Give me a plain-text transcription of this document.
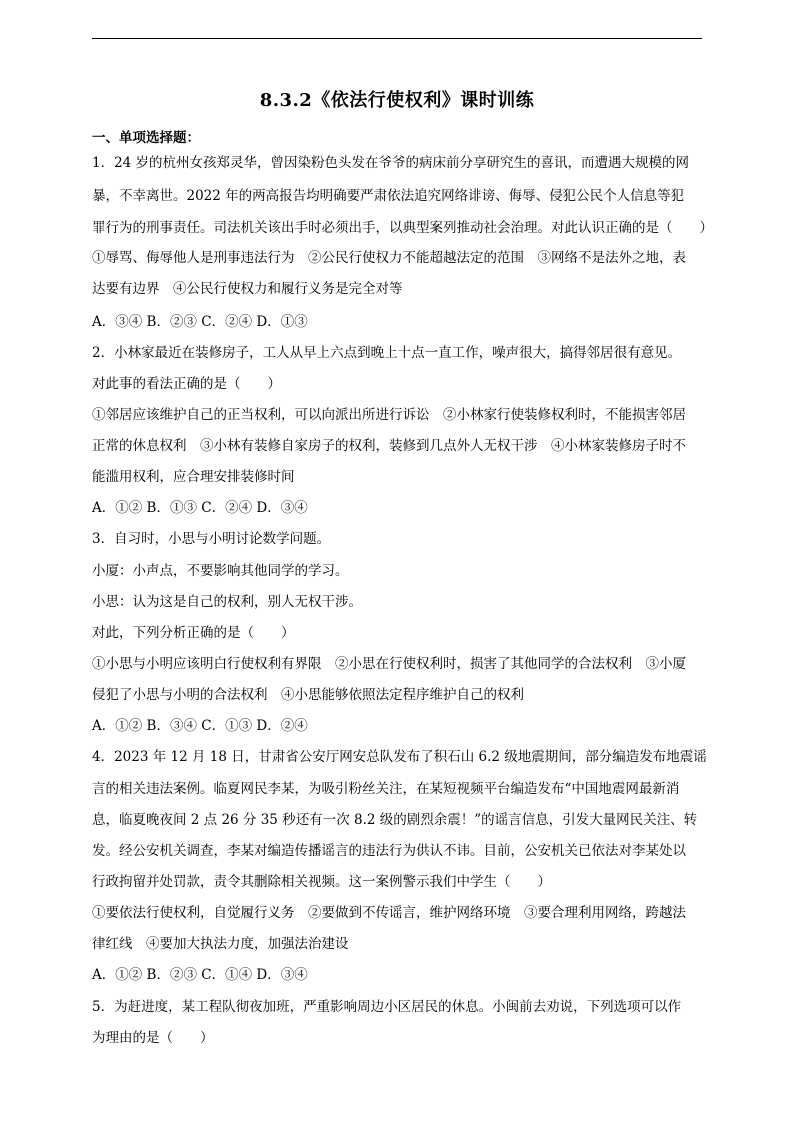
8.3.2《依法行使权利》课时训练
一、单项选择题：
1．24 岁的杭州女孩郑灵华，曾因染粉色头发在爷爷的病床前分享研究生的喜讯，而遭遇大规模的网
暴，不幸离世。2022 年的两高报告均明确要严肃依法追究网络诽谤、侮辱、侵犯公民个人信息等犯
罪行为的刑事责任。司法机关该出手时必须出手，以典型案列推动社会治理。对此认识正确的是（　　）
①辱骂、侮辱他人是刑事违法行为　②公民行使权力不能超越法定的范围　③网络不是法外之地，表
达要有边界　④公民行使权力和履行义务是完全对等
A．③④ B．②③ C．②④ D．①③
2．小林家最近在装修房子，工人从早上六点到晚上十点一直工作，噪声很大，搞得邻居很有意见。
对此事的看法正确的是（　　）
①邻居应该维护自己的正当权利，可以向派出所进行诉讼　②小林家行使装修权利时，不能损害邻居
正常的休息权利　③小林有装修自家房子的权利，装修到几点外人无权干涉　④小林家装修房子时不
能滥用权利，应合理安排装修时间
A．①② B．①③ C．②④ D．③④
3．自习时，小思与小明讨论数学问题。
小厦：小声点，不要影响其他同学的学习。
小思：认为这是自己的权利，别人无权干涉。
对此，下列分析正确的是（　　）
①小思与小明应该明白行使权利有界限　②小思在行使权利时，损害了其他同学的合法权利　③小厦
侵犯了小思与小明的合法权利　④小思能够依照法定程序维护自己的权利
A．①② B．③④ C．①③ D．②④
4．2023 年 12 月 18 日，甘肃省公安厅网安总队发布了积石山 6.2 级地震期间，部分编造发布地震谣
言的相关违法案例。临夏网民李某，为吸引粉丝关注，在某短视频平台编造发布“中国地震网最新消
息，临夏晚夜间 2 点 26 分 35 秒还有一次 8.2 级的剧烈余震！”的谣言信息，引发大量网民关注、转
发。经公安机关调查，李某对编造传播谣言的违法行为供认不讳。目前，公安机关已依法对李某处以
行政拘留并处罚款，责令其删除相关视频。这一案例警示我们中学生（　　）
①要依法行使权利，自觉履行义务　②要做到不传谣言，维护网络环境　③要合理利用网络，跨越法
律红线　④要加大执法力度，加强法治建设
A．①② B．②③ C．①④ D．③④
5．为赶进度，某工程队彻夜加班，严重影响周边小区居民的休息。小闽前去劝说，下列选项可以作
为理由的是（　　）
